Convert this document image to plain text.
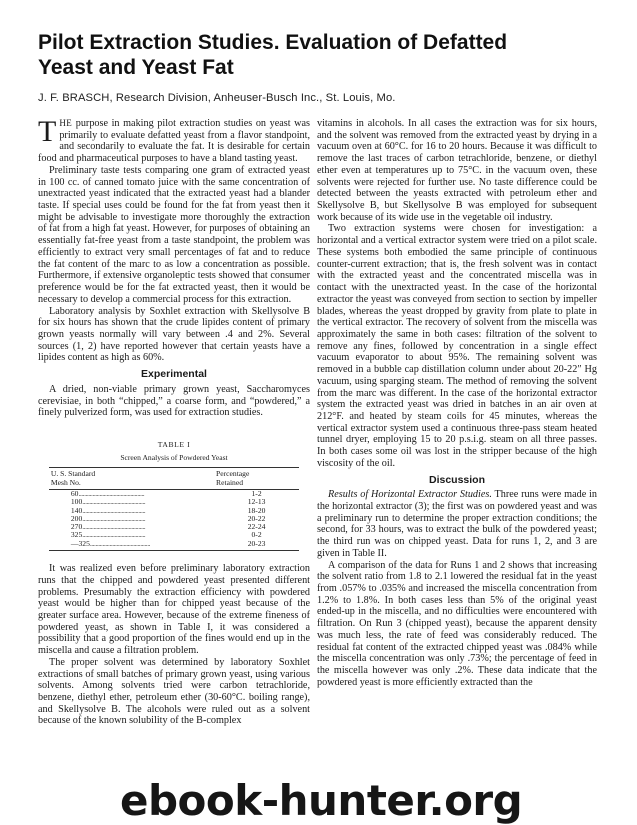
Pilot Extraction Studies. Evaluation of Defatted Yeast and Yeast Fat
J. F. BRASCH, Research Division, Anheuser-Busch Inc., St. Louis, Mo.

THE purpose in making pilot extraction studies on yeast was primarily to evaluate defatted yeast from a flavor standpoint, and secondarily to evaluate the fat. It is desirable for certain food and pharmaceutical purposes to have a bland tasting yeast.

Preliminary taste tests comparing one gram of extracted yeast in 100 cc. of canned tomato juice with the same concentration of unextracted yeast indicated that the extracted yeast had a blander taste. If special uses could be found for the fat from yeast then it might be advisable to investigate more thoroughly the extraction of fat from a high fat yeast. However, for purposes of obtaining an essentially fat-free yeast from a taste standpoint, the problem was efficiently to extract very small percentages of fat and to reduce the fat content of the marc to as low a concentration as possible. Furthermore, if extensive organoleptic tests showed that consumer preference would be for the fat extracted yeast, then it would be necessary to develop a commercial process for this extraction.

Laboratory analysis by Soxhlet extraction with Skellysolve B for six hours has shown that the crude lipides content of primary grown yeasts normally will vary between .4 and 2%. Several sources (1, 2) have reported however that certain yeasts have a lipides content as high as 60%.

Experimental

A dried, non-viable primary grown yeast, Saccharomyces cerevisiae, in both “chipped,” a coarse form, and “powdered,” a finely pulverized form, was used for extraction studies.

TABLE I
Screen Analysis of Powdered Yeast
U. S. Standard
Mesh No.	Percentage
Retained
60...............................................	1-2
100.............................................	12-13
140.............................................	18-20
200.............................................	20-22
270.............................................	22-24
325.............................................	0-2
—325...........................................	20-23

It was realized even before preliminary laboratory extraction runs that the chipped and powdered yeast presented different problems. Presumably the extraction efficiency with powdered yeast would be higher than for chipped yeast because of the greater surface area. However, because of the extreme fineness of powdered yeast, as shown in Table I, it was considered a possibility that a good proportion of the fines would end up in the miscella and cause a filtration problem.

The proper solvent was determined by laboratory Soxhlet extractions of small batches of primary grown yeast, using various solvents. Among solvents tried were carbon tetrachloride, benzene, diethyl ether, petroleum ether (30-60°C. boiling range), and Skellysolve B. The alcohols were ruled out as a solvent because of the known solubility of the B-complex

vitamins in alcohols. In all cases the extraction was for six hours, and the solvent was removed from the extracted yeast by drying in a vacuum oven at 60°C. for 16 to 20 hours. Because it was difficult to remove the last traces of carbon tetrachloride, benzene, or diethyl ether even at temperatures up to 75°C. in the vacuum oven, these solvents were rejected for further use. No taste difference could be detected between the yeasts extracted with petroleum ether and Skellysolve B, but Skellysolve B was employed for subsequent work because of its wide use in the vegetable oil industry.

Two extraction systems were chosen for investigation: a horizontal and a vertical extractor system were tried on a pilot scale. These systems both embodied the same principle of continuous counter-current extraction; that is, the fresh solvent was in contact with the extracted yeast and the concentrated miscella was in contact with the unextracted yeast. In the case of the horizontal extractor the yeast was conveyed from section to section by impeller blades, whereas the yeast dropped by gravity from plate to plate in the vertical extractor. The recovery of solvent from the miscella was approximately the same in both cases: filtration of the solvent to remove any fines, followed by concentration in a single effect vacuum evaporator to about 95%. The remaining solvent was removed in a bubble cap distillation column under about 20-22″ Hg vacuum, using sparging steam. The method of removing the solvent from the marc was different. In the case of the horizontal extractor system the extracted yeast was dried in batches in an air oven at 212°F. and heated by steam coils for 45 minutes, whereas the vertical extractor system used a continuous three-pass steam heated tunnel dryer, employing 15 to 20 p.s.i.g. steam on all three passes. In both cases some oil was lost in the stripper because of the high viscosity of the oil.

Discussion

Results of Horizontal Extractor Studies. Three runs were made in the horizontal extractor (3); the first was on powdered yeast and was a preliminary run to determine the proper extraction conditions; the second, for 33 hours, was to extract the bulk of the powdered yeast; the third run was on chipped yeast. Data for runs 1, 2, and 3 are given in Table II.

A comparison of the data for Runs 1 and 2 shows that increasing the solvent ratio from 1.8 to 2.1 lowered the residual fat in the yeast from .057% to .035% and increased the miscella concentration from 1.2% to 1.8%. In both cases less than 5% of the original yeast ended-up in the miscella, and no difficulties were encountered with filtration. On Run 3 (chipped yeast), because the apparent density was much less, the rate of feed was considerably reduced. The residual fat content of the extracted chipped yeast was .084% while the miscella concentration was only .73%; the percentage of feed in the miscella however was only .2%. These data indicate that the powdered yeast is more efficiently extracted than the

ebook-hunter.org
